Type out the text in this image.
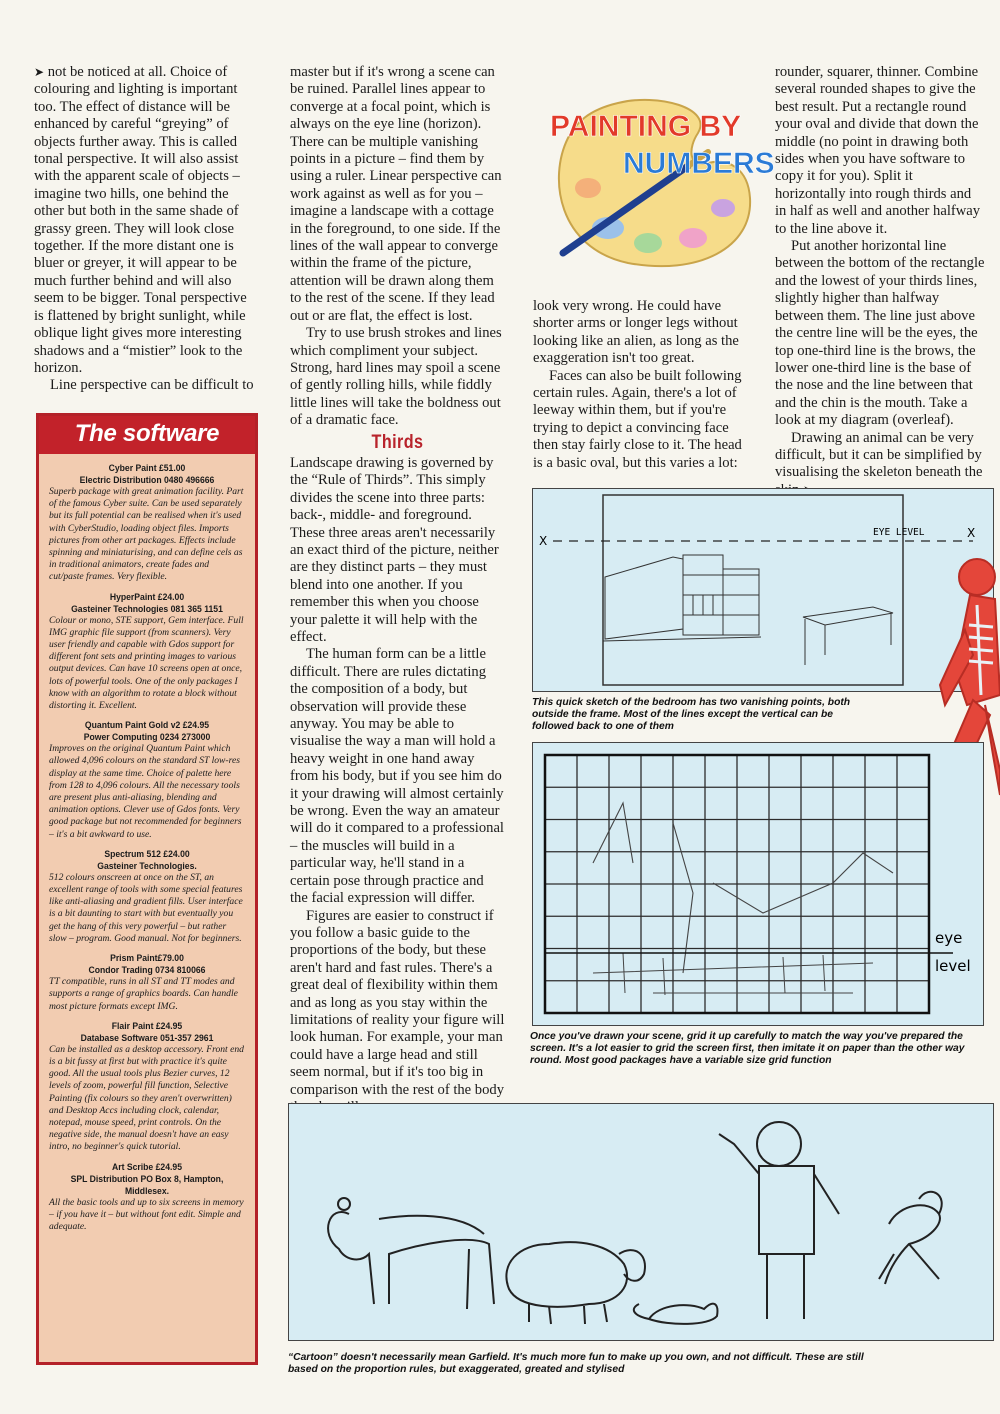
➤ not be noticed at all. Choice of colouring and lighting is important too. The effect of distance will be enhanced by careful “greying” of objects further away. This is called tonal perspective. It will also assist with the apparent scale of objects – imagine two hills, one behind the other but both in the same shade of grassy green. They will look close together. If the more distant one is bluer or greyer, it will appear to be much further behind and will also seem to be bigger. Tonal perspective is flattened by bright sunlight, while oblique light gives more interesting shadows and a “mistier” look to the horizon.

Line perspective can be difficult to

The software
Cyber Paint £51.00
Electric Distribution 0480 496666
Superb package with great animation facility. Part of the famous Cyber suite. Can be used separately but its full potential can be realised when it's used with CyberStudio, loading object files. Imports pictures from other art packages. Effects include spinning and miniaturising, and can define cels as in traditional animators, create fades and cut/paste frames. Very flexible.
HyperPaint £24.00
Gasteiner Technologies 081 365 1151
Colour or mono, STE support, Gem interface. Full IMG graphic file support (from scanners). Very user friendly and capable with Gdos support for different font sets and printing images to various output devices. Can have 10 screens open at once, lots of powerful tools. One of the only packages I know with an algorithm to rotate a block without distorting it. Excellent.
Quantum Paint Gold v2 £24.95
Power Computing 0234 273000
Improves on the original Quantum Paint which allowed 4,096 colours on the standard ST low-res display at the same time. Choice of palette here from 128 to 4,096 colours. All the necessary tools are present plus anti-aliasing, blending and animation options. Clever use of Gdos fonts. Very good package but not recommended for beginners – it's a bit awkward to use.
Spectrum 512 £24.00
Gasteiner Technologies.
512 colours onscreen at once on the ST, an excellent range of tools with some special features like anti-aliasing and gradient fills. User interface is a bit daunting to start with but eventually you get the hang of this very powerful – but rather slow – program. Good manual. Not for beginners.
Prism Paint£79.00
Condor Trading 0734 810066
TT compatible, runs in all ST and TT modes and supports a range of graphics boards. Can handle most picture formats except IMG.
Flair Paint £24.95
Database Software 051-357 2961
Can be installed as a desktop accessory. Front end is a bit fussy at first but with practice it's quite good. All the usual tools plus Bezier curves, 12 levels of zoom, powerful fill function, Selective Painting (fix colours so they aren't overwritten) and Desktop Accs including clock, calendar, notepad, mouse speed, print controls. On the negative side, the manual doesn't have an easy intro, no beginner's quick tutorial.
Art Scribe £24.95
SPL Distribution PO Box 8, Hampton, Middlesex.
All the basic tools and up to six screens in memory – if you have it – but without font edit. Simple and adequate.

master but if it's wrong a scene can be ruined. Parallel lines appear to converge at a focal point, which is always on the eye line (horizon). There can be multiple vanishing points in a picture – find them by using a ruler. Linear perspective can work against as well as for you – imagine a landscape with a cottage in the foreground, to one side. If the lines of the wall appear to converge within the frame of the picture, attention will be drawn along them to the rest of the scene. If they lead out or are flat, the effect is lost.

Try to use brush strokes and lines which compliment your subject. Strong, hard lines may spoil a scene of gently rolling hills, while fiddly little lines will take the boldness out of a dramatic face.

Thirds

Landscape drawing is governed by the “Rule of Thirds”. This simply divides the scene into three parts: back-, middle- and foreground. These three areas aren't necessarily an exact third of the picture, neither are they distinct parts – they must blend into one another. If you remember this when you choose your palette it will help with the effect.

The human form can be a little difficult. There are rules dictating the composition of a body, but observation will provide these anyway. You may be able to visualise the way a man will hold a heavy weight in one hand away from his body, but if you see him do it your drawing will almost certainly be wrong. Even the way an amateur will do it compared to a professional – the muscles will build in a particular way, he'll stand in a certain pose through practice and the facial expression will differ.

Figures are easier to construct if you follow a basic guide to the proportions of the body, but these aren't hard and fast rules. There's a great deal of flexibility within them and as long as you stay within the limitations of reality your figure will look human. For example, your man could have a large head and still seem normal, but if it's too big in comparison with the rest of the body

PAINTING BY
NUMBERS

look very wrong. He could have shorter arms or longer legs without looking like an alien, as long as the exaggeration isn't too great.

Faces can also be built following certain rules. Again, there's a lot of leeway within them, but if you're trying to depict a convincing face then stay fairly close to it. The head is a basic oval, but this varies a lot:

rounder, squarer, thinner. Combine several rounded shapes to give the best result. Put a rectangle round your oval and divide that down the middle (no point in drawing both sides when you have software to copy it for you). Split it horizontally into rough thirds and in half as well and another halfway to the line above it.

Put another horizontal line between the bottom of the rectangle and the lowest of your thirds lines, slightly higher than halfway between them. The line just above the centre line will be the eyes, the top one-third line is the brows, the lower one-third line is the base of the nose and the line between that and the chin is the mouth. Take a look at my diagram (overleaf).

Drawing an animal can be very difficult, but it can be simplified by visualising the skeleton beneath the

X
X
EYE LEVEL
This quick sketch of the bedroom has two vanishing points, both outside the frame. Most of the lines except the vertical can be followed back to one of them
eye
level
Once you've drawn your scene, grid it up carefully to match the way you've prepared the screen. It's a lot easier to grid the screen first, then imitate it on paper than the other way round. Most good packages have a variable size grid function
“Cartoon” doesn't necessarily mean Garfield. It's much more fun to make up you own, and not difficult. These are still based on the proportion rules, but exaggerated, greated and stylised
